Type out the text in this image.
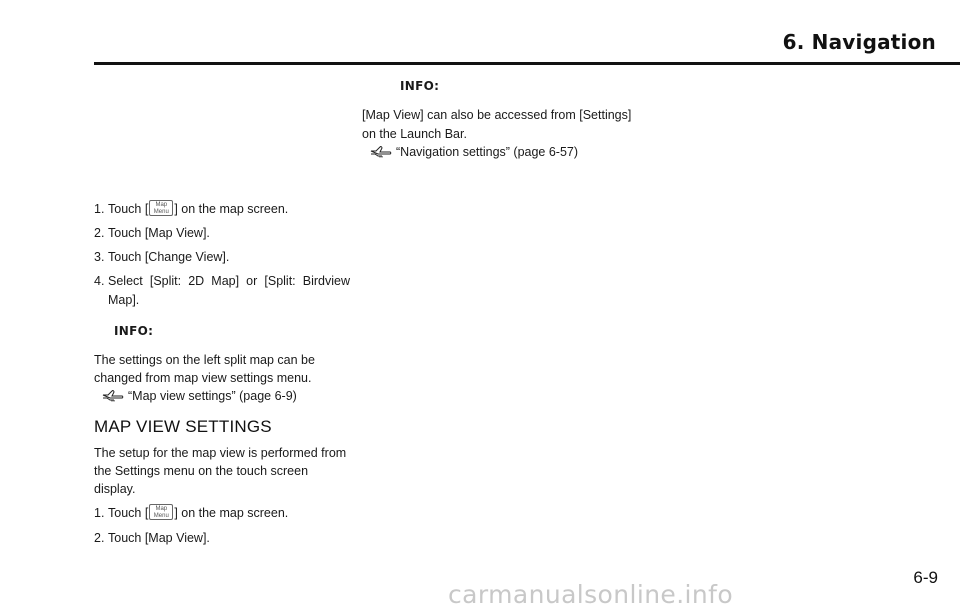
6. Navigation
1. Touch [	Map
Menu ] on the map screen.
2. Touch [Map View].
3. Touch [Change View].
4. Select [Split: 2D Map] or [Split: Birdview Map].
INFO:

The settings on the left split map can be changed from map view settings menu.

“Map view settings” (page 6-9)
MAP VIEW SETTINGS

The setup for the map view is performed from the Settings menu on the touch screen display.

1. Touch [	Map
Menu ] on the map screen.
2. Touch [Map View].
INFO:

[Map View] can also be accessed from [Settings] on the Launch Bar.

“Navigation settings” (page 6-57)
6-9
carmanualsonline.info
